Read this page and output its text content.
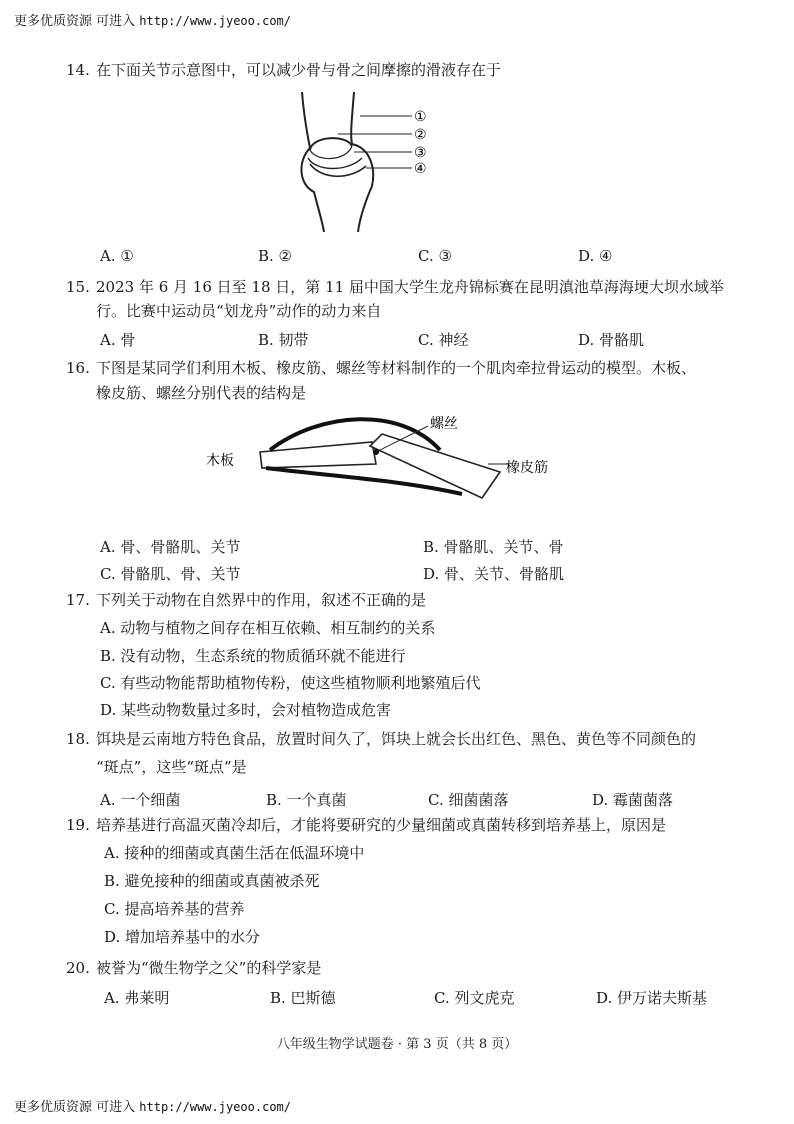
更多优质资源 可进入 http://www.jyeoo.com/
14. 在下面关节示意图中，可以减少骨与骨之间摩擦的滑液存在于
①
②
③
④
A. ①	B. ②	C. ③	D. ④
15. 2023 年 6 月 16 日至 18 日，第 11 届中国大学生龙舟锦标赛在昆明滇池草海海埂大坝水域举
行。比赛中运动员“划龙舟”动作的动力来自
A. 骨	B. 韧带	C. 神经	D. 骨骼肌
16. 下图是某同学们利用木板、橡皮筋、螺丝等材料制作的一个肌肉牵拉骨运动的模型。木板、
橡皮筋、螺丝分别代表的结构是
木板
螺丝
橡皮筋
A. 骨、骨骼肌、关节	B. 骨骼肌、关节、骨
C. 骨骼肌、骨、关节	D. 骨、关节、骨骼肌
17. 下列关于动物在自然界中的作用，叙述不正确的是
A. 动物与植物之间存在相互依赖、相互制约的关系
B. 没有动物，生态系统的物质循环就不能进行
C. 有些动物能帮助植物传粉，使这些植物顺利地繁殖后代
D. 某些动物数量过多时，会对植物造成危害
18. 饵块是云南地方特色食品，放置时间久了，饵块上就会长出红色、黑色、黄色等不同颜色的
“斑点”，这些“斑点”是
A. 一个细菌	B. 一个真菌	C. 细菌菌落	D. 霉菌菌落
19. 培养基进行高温灭菌冷却后，才能将要研究的少量细菌或真菌转移到培养基上，原因是
A. 接种的细菌或真菌生活在低温环境中
B. 避免接种的细菌或真菌被杀死
C. 提高培养基的营养
D. 增加培养基中的水分
20. 被誉为“微生物学之父”的科学家是
A. 弗莱明	B. 巴斯德	C. 列文虎克	D. 伊万诺夫斯基
八年级生物学试题卷 · 第 3 页（共 8 页）
更多优质资源 可进入 http://www.jyeoo.com/
